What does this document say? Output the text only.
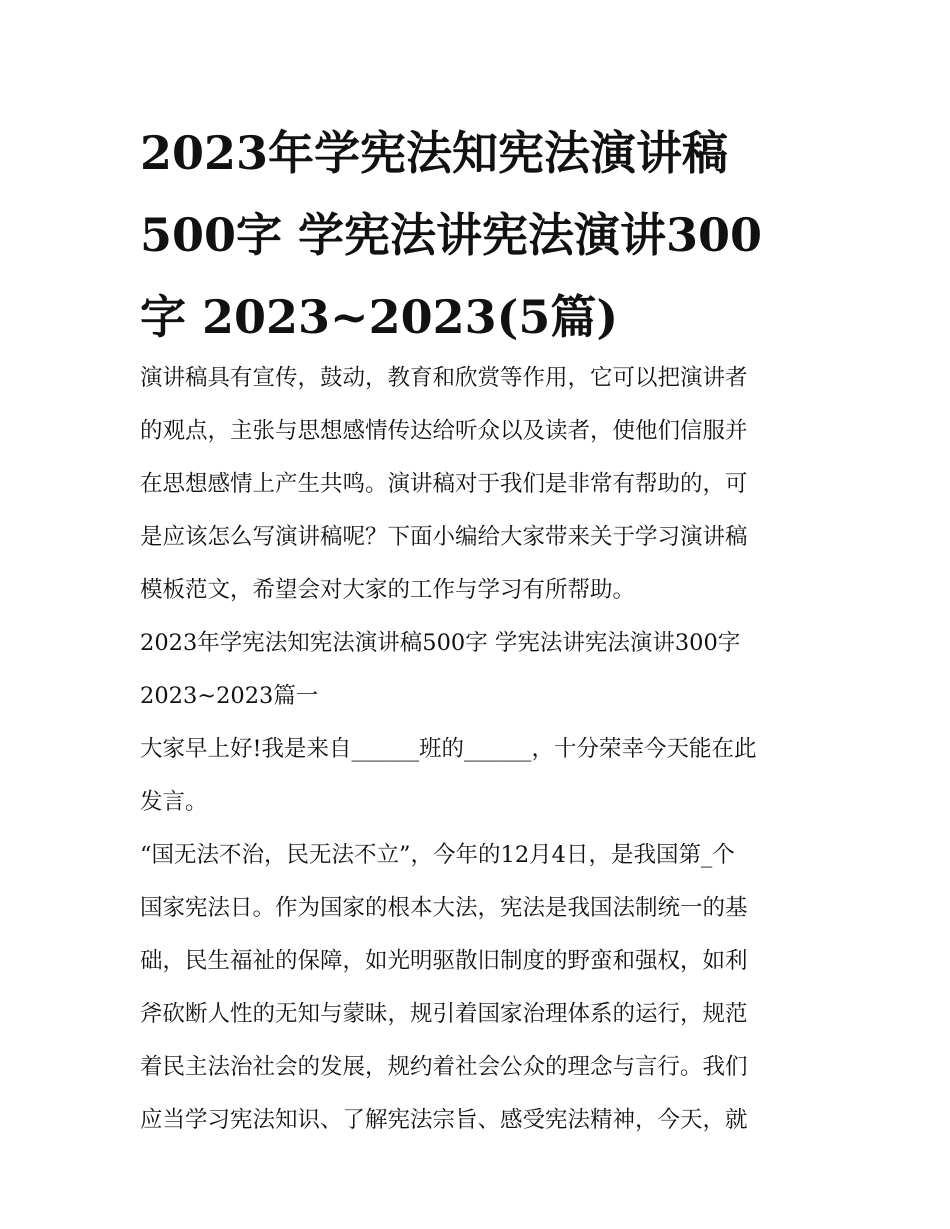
2023年学宪法知宪法演讲稿
500字 学宪法讲宪法演讲300
字 2023~2023(5篇)
演讲稿具有宣传，鼓动，教育和欣赏等作用，它可以把演讲者
的观点，主张与思想感情传达给听众以及读者，使他们信服并
在思想感情上产生共鸣。演讲稿对于我们是非常有帮助的，可
是应该怎么写演讲稿呢？下面小编给大家带来关于学习演讲稿
模板范文，希望会对大家的工作与学习有所帮助。
2023年学宪法知宪法演讲稿500字 学宪法讲宪法演讲300字
2023~2023篇一
大家早上好!我是来自______班的______，十分荣幸今天能在此
发言。
“国无法不治，民无法不立”，今年的12月4日，是我国第_个
国家宪法日。作为国家的根本大法，宪法是我国法制统一的基
础，民生福祉的保障，如光明驱散旧制度的野蛮和强权，如利
斧砍断人性的无知与蒙昧，规引着国家治理体系的运行，规范
着民主法治社会的发展，规约着社会公众的理念与言行。我们
应当学习宪法知识、了解宪法宗旨、感受宪法精神，今天，就
